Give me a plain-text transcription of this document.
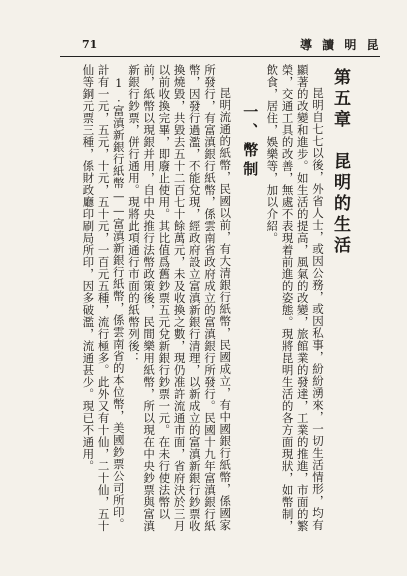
71	導 讀 明 昆
第五章　昆明的生活

昆明自七七以後，外省人士，或因公務，或因私事，紛紛湧來，一切生活情形，均有顯著的改變和進步。如生活的提高，風氣的改變，旅館業的發達，工業的推進，市面的繁榮，交通工具的改善，無處不表現着前進的姿態。現將昆明生活的各方面現狀，如幣制，飲食，居住，娛樂等，加以介紹。

一、幣制

昆明流通的紙幣，民國以前，有大清銀行紙幣，民國成立，有中國銀行紙幣，係國家所發行，有富滇銀行紙幣，係雲南省政府成立的富滇銀行所發行。民國十九年富滇銀行紙幣，因發行過濫，不能兌現，經政府設立富滇新銀行清理，以新成立的富滇新銀行鈔票收換燒毀，共毀去五十二百七十餘萬元，未及收換之數，現仍准許流通市面，省府決於三月以前收換完畢，即廢止使用。其比值爲舊鈔票五元兌新銀行鈔票一元。在未行使法幣以前，紙幣以現銀并用，自中央推行法幣政策後，民間樂用紙幣，所以現在中央鈔票與富滇新銀行鈔票，併行通用。現將此項通行市面的紙幣列後：

1.富滇新銀行紙幣——富滇新銀行紙幣，係雲南省的本位幣，美國鈔票公司所印。計有一元，五元，十元，五十元，一百元五種，流行極多。此外又有十仙，二十仙，五十仙等銅元票三種，係財政廳印刷局所印，因多破濫，流通甚少。現已不通用。
